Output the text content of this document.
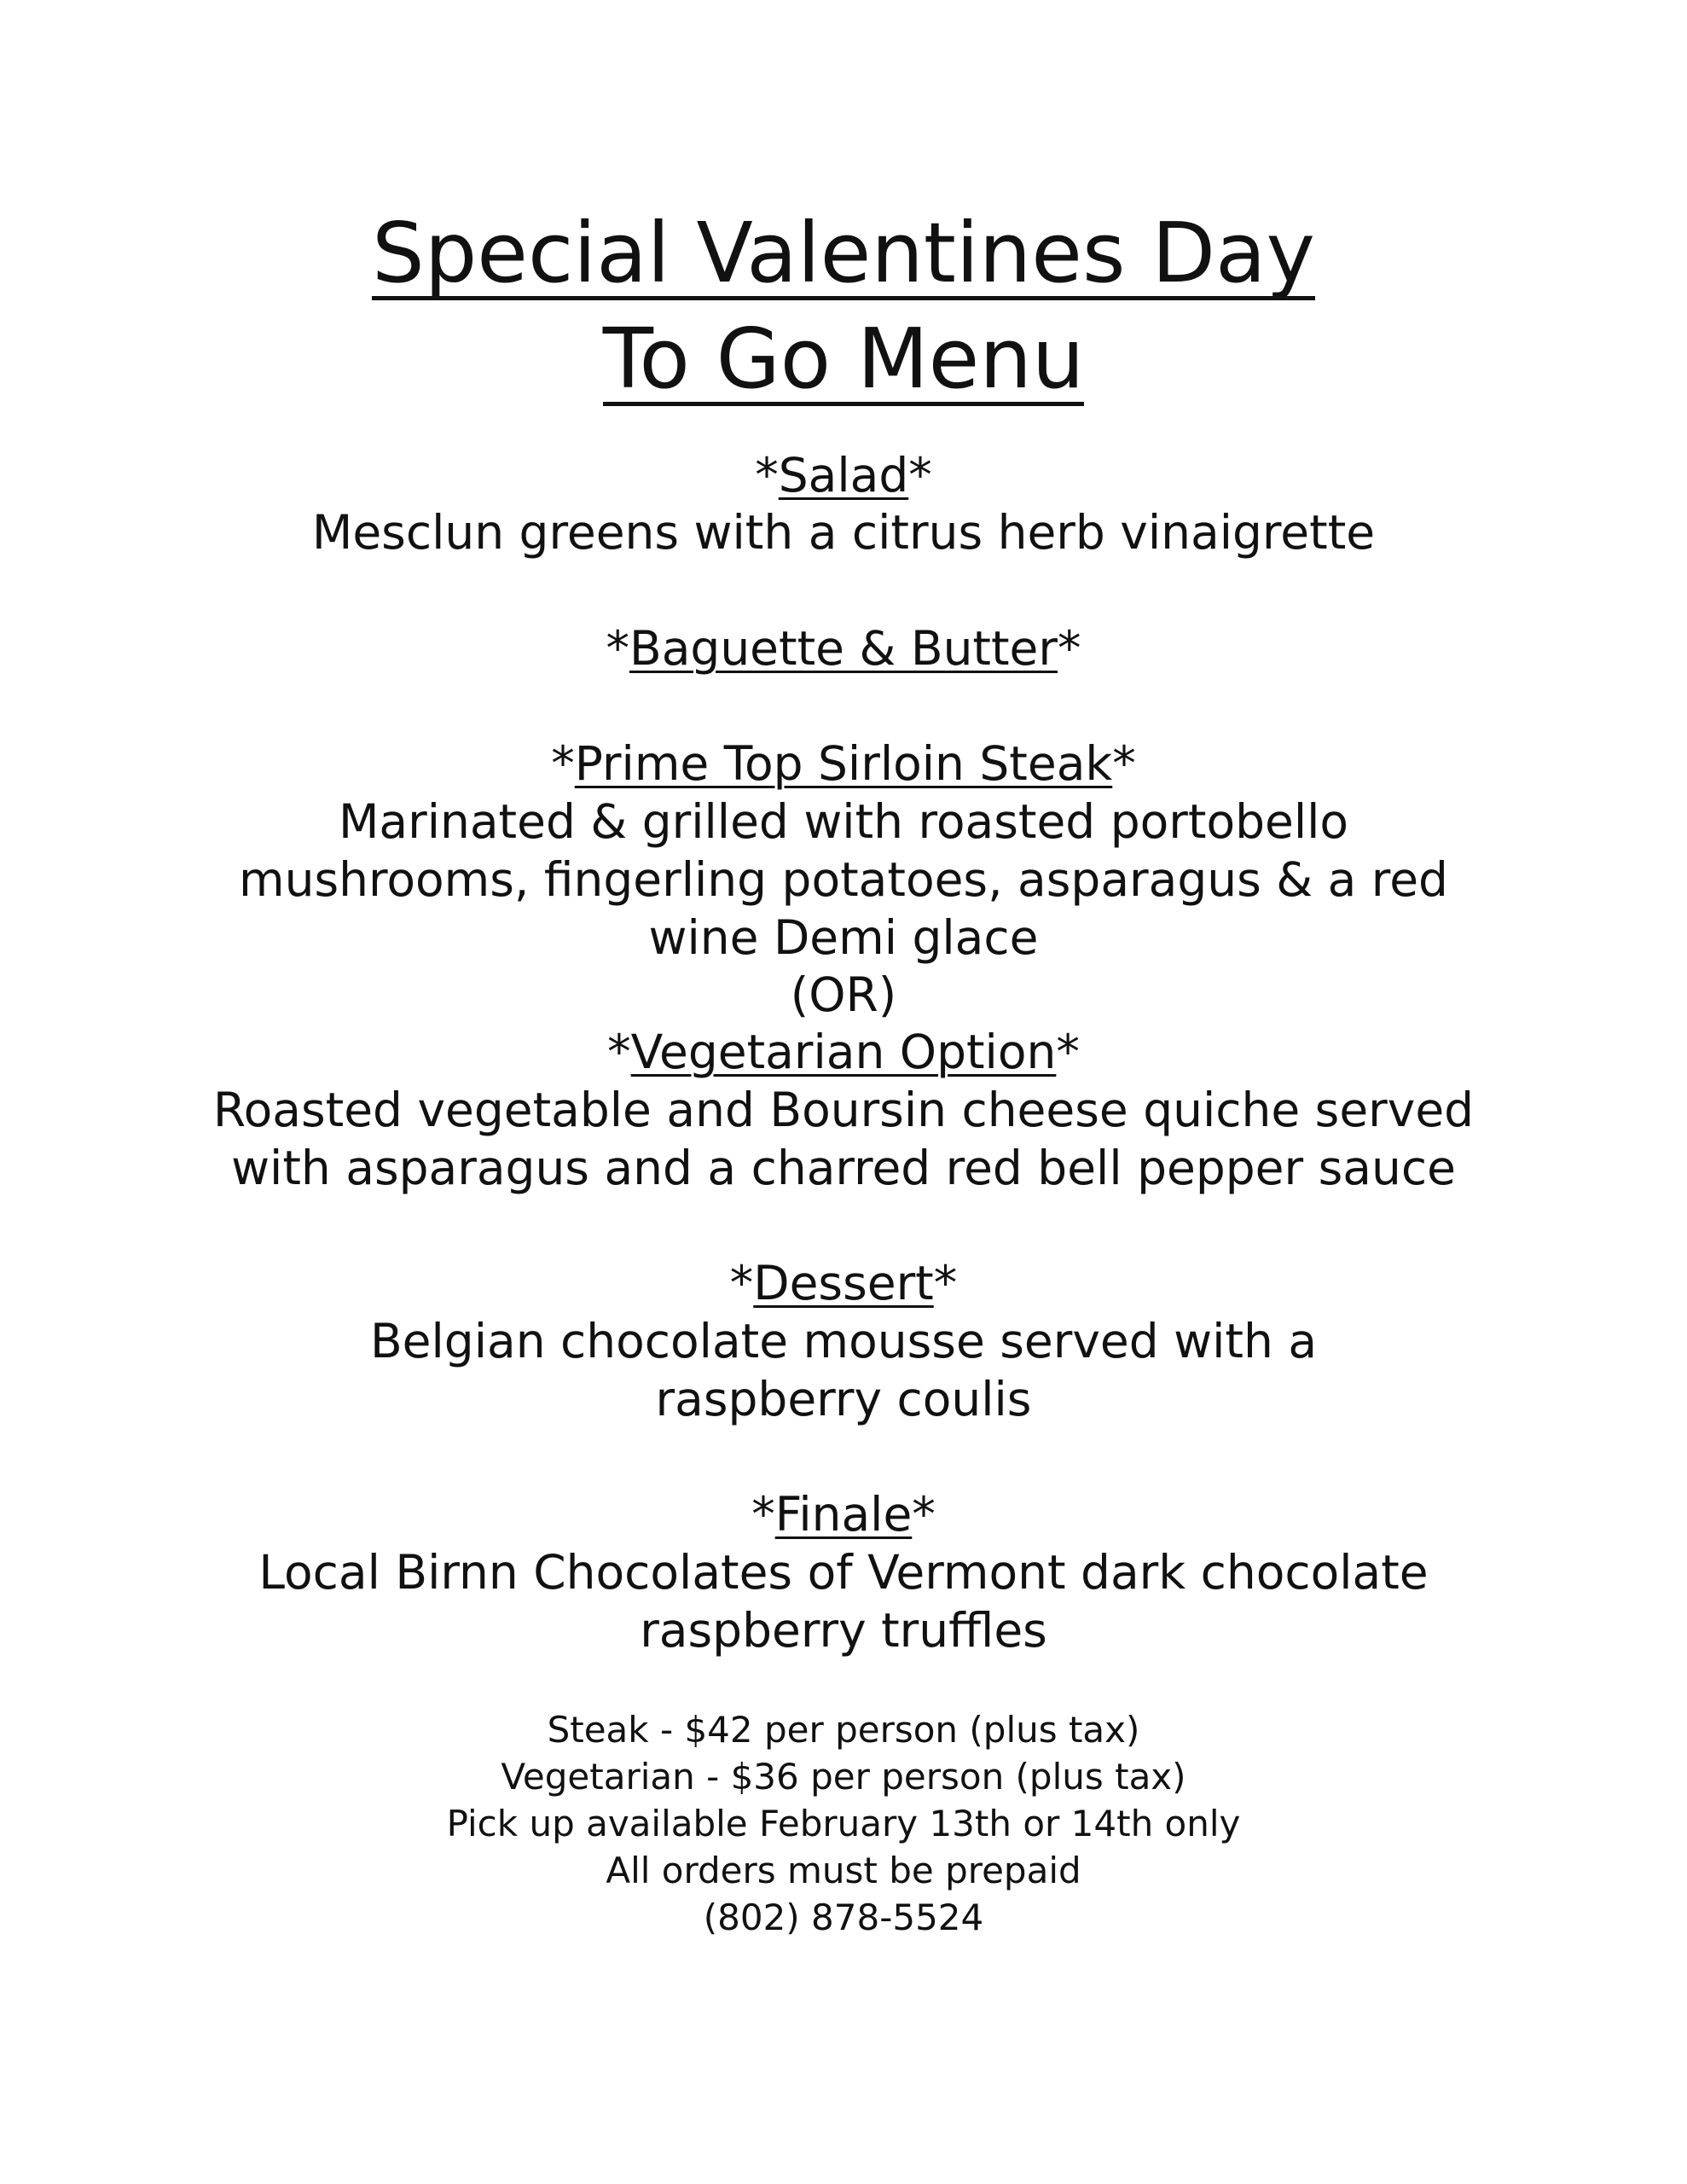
Special Valentines Day
To Go Menu
*Salad*
Mesclun greens with a citrus herb vinaigrette
*Baguette & Butter*
*Prime Top Sirloin Steak*
Marinated & grilled with roasted portobello
mushrooms, fingerling potatoes, asparagus & a red
wine Demi glace
(OR)
*Vegetarian Option*
Roasted vegetable and Boursin cheese quiche served
with asparagus and a charred red bell pepper sauce
*Dessert*
Belgian chocolate mousse served with a
raspberry coulis
*Finale*
Local Birnn Chocolates of Vermont dark chocolate
raspberry truffles
Steak - $42 per person (plus tax)
Vegetarian - $36 per person (plus tax)
Pick up available February 13th or 14th only
All orders must be prepaid
(802) 878-5524
